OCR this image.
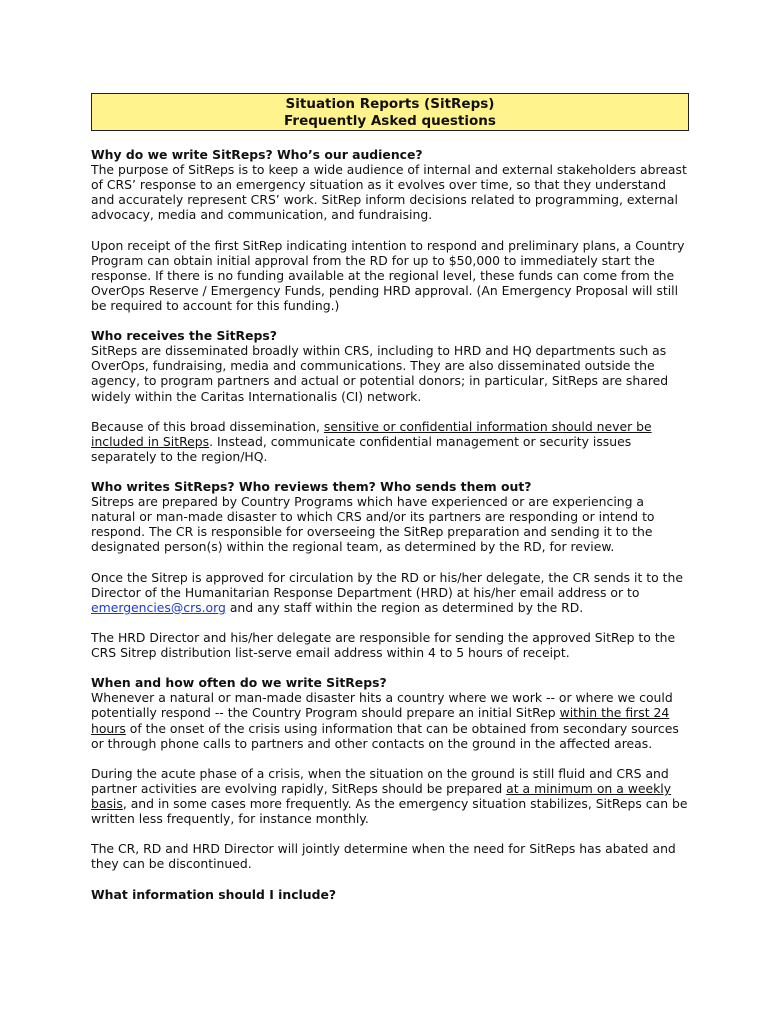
Situation Reports (SitReps)
Frequently Asked questions
Why do we write SitReps? Who’s our audience?

The purpose of SitReps is to keep a wide audience of internal and external stakeholders abreast of CRS’ response to an emergency situation as it evolves over time, so that they understand and accurately represent CRS’ work. SitRep inform decisions related to programming, external advocacy, media and communication, and fundraising.

Upon receipt of the first SitRep indicating intention to respond and preliminary plans, a Country Program can obtain initial approval from the RD for up to $50,000 to immediately start the response. If there is no funding available at the regional level, these funds can come from the OverOps Reserve / Emergency Funds, pending HRD approval. (An Emergency Proposal will still be required to account for this funding.)

Who receives the SitReps?

SitReps are disseminated broadly within CRS, including to HRD and HQ departments such as OverOps, fundraising, media and communications. They are also disseminated outside the agency, to program partners and actual or potential donors; in particular, SitReps are shared widely within the Caritas Internationalis (CI) network.

Because of this broad dissemination, sensitive or confidential information should never be included in SitReps. Instead, communicate confidential management or security issues separately to the region/HQ.

Who writes SitReps? Who reviews them? Who sends them out?

Sitreps are prepared by Country Programs which have experienced or are experiencing a natural or man-made disaster to which CRS and/or its partners are responding or intend to respond. The CR is responsible for overseeing the SitRep preparation and sending it to the designated person(s) within the regional team, as determined by the RD, for review.

Once the Sitrep is approved for circulation by the RD or his/her delegate, the CR sends it to the Director of the Humanitarian Response Department (HRD) at his/her email address or to emergencies@crs.org and any staff within the region as determined by the RD.

The HRD Director and his/her delegate are responsible for sending the approved SitRep to the CRS Sitrep distribution list-serve email address within 4 to 5 hours of receipt.

When and how often do we write SitReps?

Whenever a natural or man-made disaster hits a country where we work -- or where we could potentially respond -- the Country Program should prepare an initial SitRep within the first 24 hours of the onset of the crisis using information that can be obtained from secondary sources or through phone calls to partners and other contacts on the ground in the affected areas.

During the acute phase of a crisis, when the situation on the ground is still fluid and CRS and partner activities are evolving rapidly, SitReps should be prepared at a minimum on a weekly basis, and in some cases more frequently. As the emergency situation stabilizes, SitReps can be written less frequently, for instance monthly.

The CR, RD and HRD Director will jointly determine when the need for SitReps has abated and they can be discontinued.

What information should I include?
